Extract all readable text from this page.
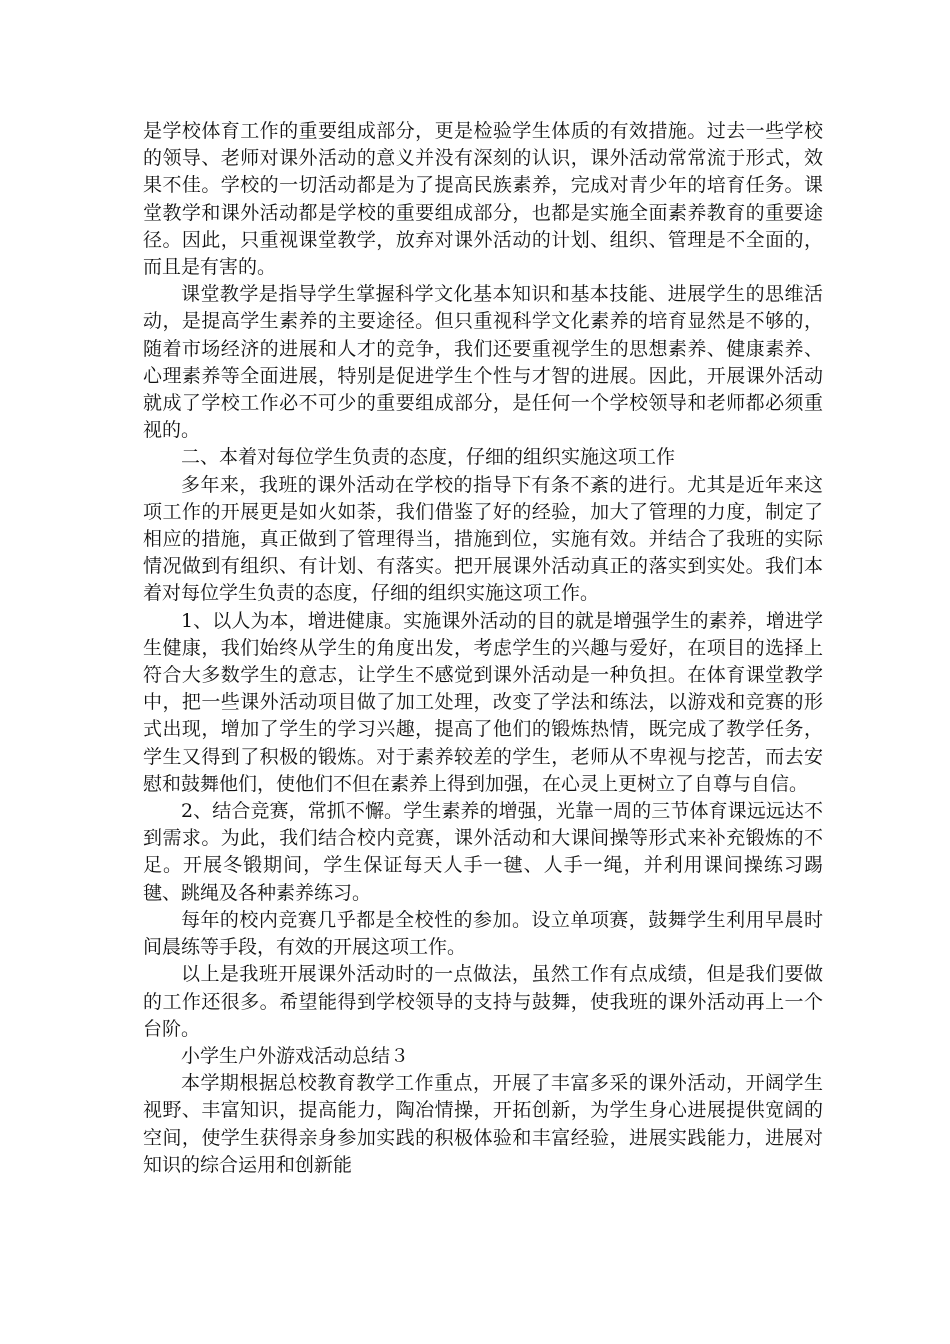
是学校体育工作的重要组成部分，更是检验学生体质的有效措施。过去一些学校的领导、老师对课外活动的意义并没有深刻的认识，课外活动常常流于形式，效果不佳。学校的一切活动都是为了提高民族素养，完成对青少年的培育任务。课堂教学和课外活动都是学校的重要组成部分，也都是实施全面素养教育的重要途径。因此，只重视课堂教学，放弃对课外活动的计划、组织、管理是不全面的，而且是有害的。

课堂教学是指导学生掌握科学文化基本知识和基本技能、进展学生的思维活动，是提高学生素养的主要途径。但只重视科学文化素养的培育显然是不够的，随着市场经济的进展和人才的竞争，我们还要重视学生的思想素养、健康素养、心理素养等全面进展，特别是促进学生个性与才智的进展。因此，开展课外活动就成了学校工作必不可少的重要组成部分，是任何一个学校领导和老师都必须重视的。

二、本着对每位学生负责的态度，仔细的组织实施这项工作

多年来，我班的课外活动在学校的指导下有条不紊的进行。尤其是近年来这项工作的开展更是如火如荼，我们借鉴了好的经验，加大了管理的力度，制定了相应的措施，真正做到了管理得当，措施到位，实施有效。并结合了我班的实际情况做到有组织、有计划、有落实。把开展课外活动真正的落实到实处。我们本着对每位学生负责的态度，仔细的组织实施这项工作。

1、以人为本，增进健康。实施课外活动的目的就是增强学生的素养，增进学生健康，我们始终从学生的角度出发，考虑学生的兴趣与爱好，在项目的选择上符合大多数学生的意志，让学生不感觉到课外活动是一种负担。在体育课堂教学中，把一些课外活动项目做了加工处理，改变了学法和练法，以游戏和竞赛的形式出现，增加了学生的学习兴趣，提高了他们的锻炼热情，既完成了教学任务，学生又得到了积极的锻炼。对于素养较差的学生，老师从不卑视与挖苦，而去安慰和鼓舞他们，使他们不但在素养上得到加强，在心灵上更树立了自尊与自信。

2、结合竞赛，常抓不懈。学生素养的增强，光靠一周的三节体育课远远达不到需求。为此，我们结合校内竞赛，课外活动和大课间操等形式来补充锻炼的不足。开展冬锻期间，学生保证每天人手一毽、人手一绳，并利用课间操练习踢毽、跳绳及各种素养练习。

每年的校内竞赛几乎都是全校性的参加。设立单项赛，鼓舞学生利用早晨时间晨练等手段，有效的开展这项工作。

以上是我班开展课外活动时的一点做法，虽然工作有点成绩，但是我们要做的工作还很多。希望能得到学校领导的支持与鼓舞，使我班的课外活动再上一个台阶。

小学生户外游戏活动总结３

本学期根据总校教育教学工作重点，开展了丰富多采的课外活动，开阔学生视野、丰富知识，提高能力，陶冶情操，开拓创新，为学生身心进展提供宽阔的空间，使学生获得亲身参加实践的积极体验和丰富经验，进展实践能力，进展对知识的综合运用和创新能
